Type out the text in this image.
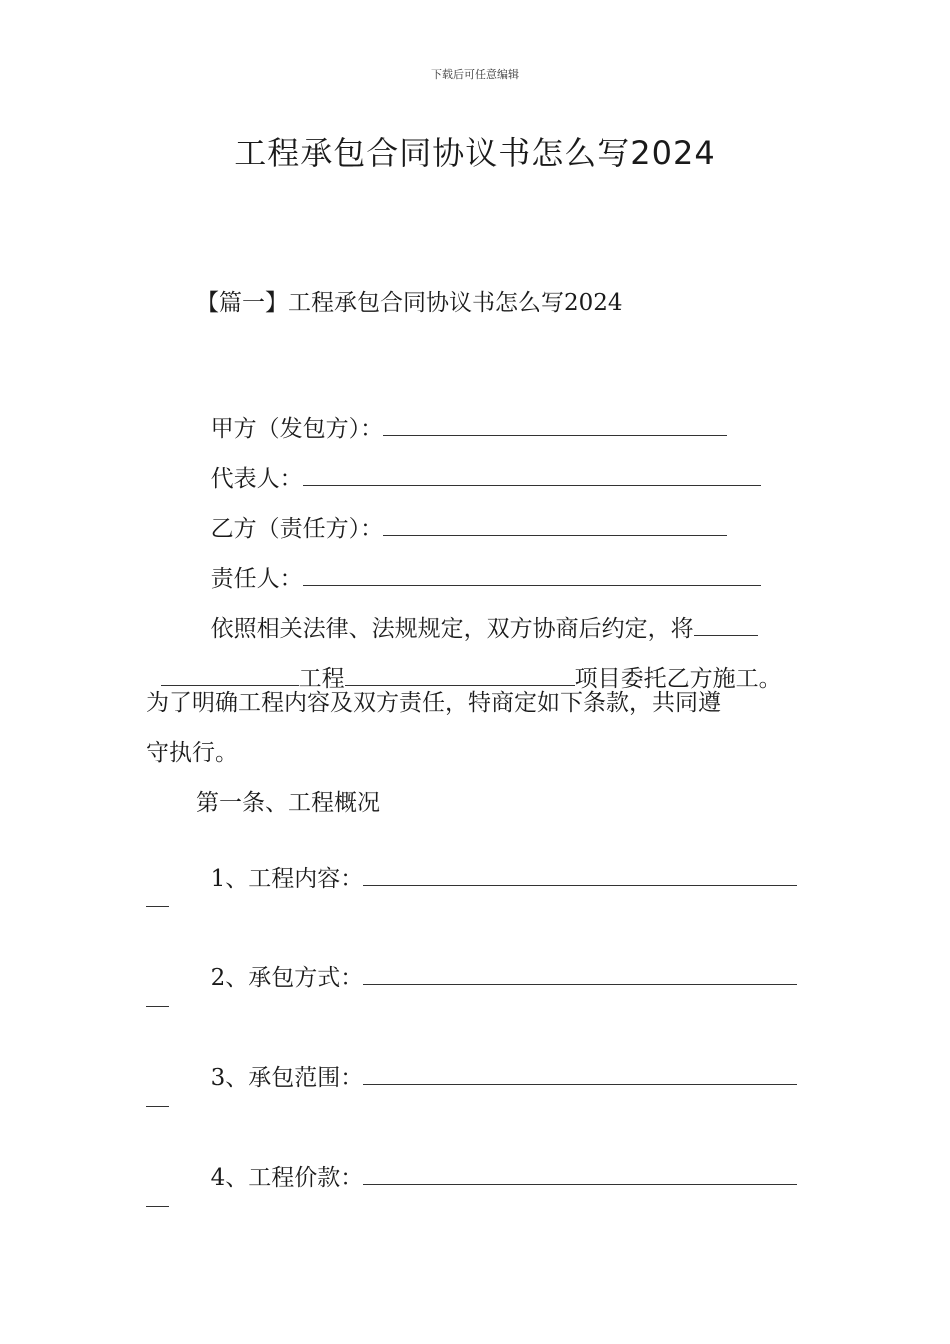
下载后可任意编辑
工程承包合同协议书怎么写2024
【篇一】工程承包合同协议书怎么写2024

甲方（发包方）：

代表人：

乙方（责任方）：

责任人：

依照相关法律、法规规定，双方协商后约定，将

工程	项目委托乙方施工。

为了明确工程内容及双方责任，特商定如下条款，共同遵
守执行。
第一条、工程概况

1、工程内容：

2、承包方式：

3、承包范围：

4、工程价款：
